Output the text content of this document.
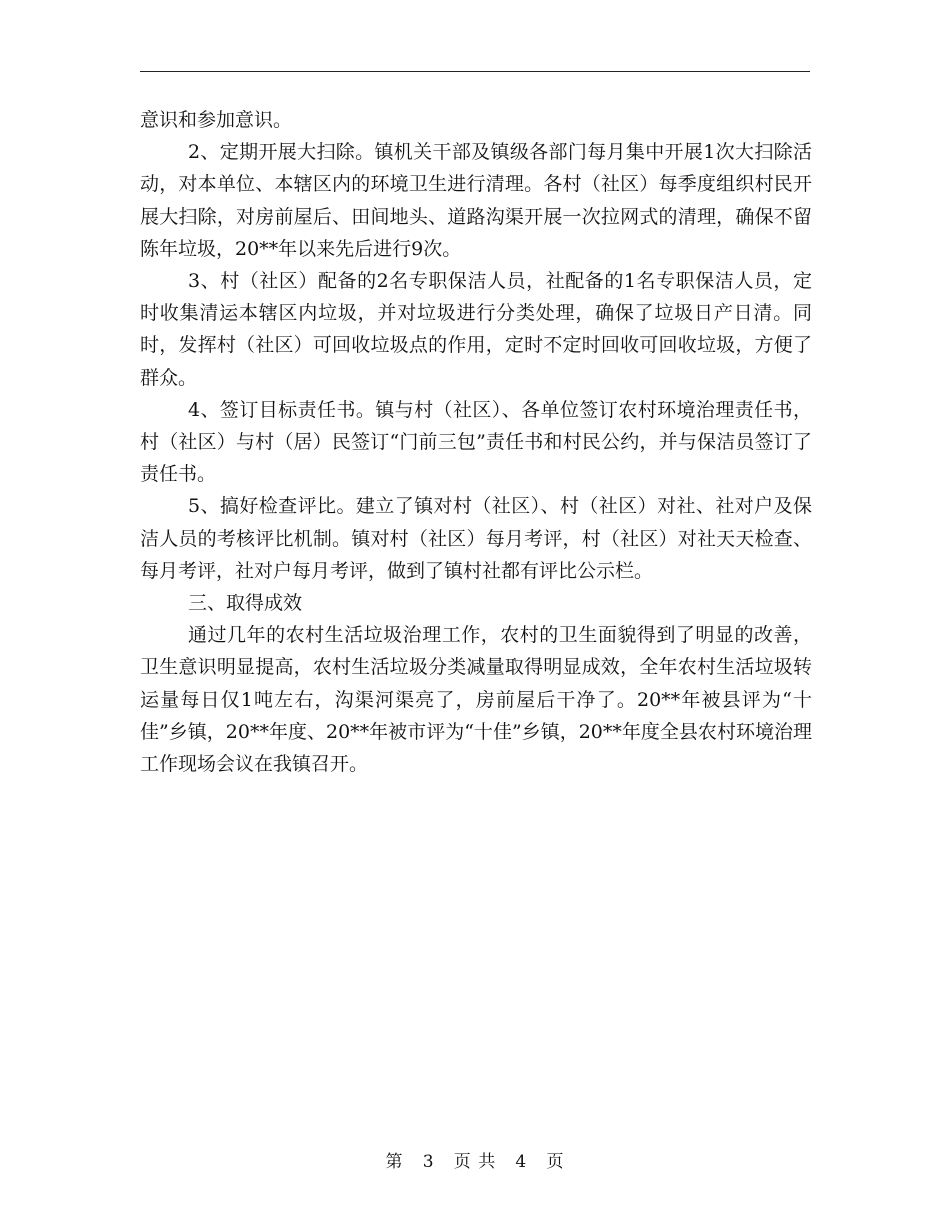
意识和参加意识。

2、定期开展大扫除。镇机关干部及镇级各部门每月集中开展1次大扫除活动，对本单位、本辖区内的环境卫生进行清理。各村（社区）每季度组织村民开展大扫除，对房前屋后、田间地头、道路沟渠开展一次拉网式的清理，确保不留陈年垃圾，20**年以来先后进行9次。

3、村（社区）配备的2名专职保洁人员，社配备的1名专职保洁人员，定时收集清运本辖区内垃圾，并对垃圾进行分类处理，确保了垃圾日产日清。同时，发挥村（社区）可回收垃圾点的作用，定时不定时回收可回收垃圾，方便了群众。

4、签订目标责任书。镇与村（社区）、各单位签订农村环境治理责任书，村（社区）与村（居）民签订“门前三包”责任书和村民公约，并与保洁员签订了责任书。

5、搞好检查评比。建立了镇对村（社区）、村（社区）对社、社对户及保洁人员的考核评比机制。镇对村（社区）每月考评，村（社区）对社天天检查、每月考评，社对户每月考评，做到了镇村社都有评比公示栏。

三、取得成效

通过几年的农村生活垃圾治理工作，农村的卫生面貌得到了明显的改善，卫生意识明显提高，农村生活垃圾分类减量取得明显成效，全年农村生活垃圾转运量每日仅1吨左右，沟渠河渠亮了，房前屋后干净了。20**年被县评为“十佳”乡镇，20**年度、20**年被市评为“十佳”乡镇，20**年度全县农村环境治理工作现场会议在我镇召开。

第 3 页 共 4 页
